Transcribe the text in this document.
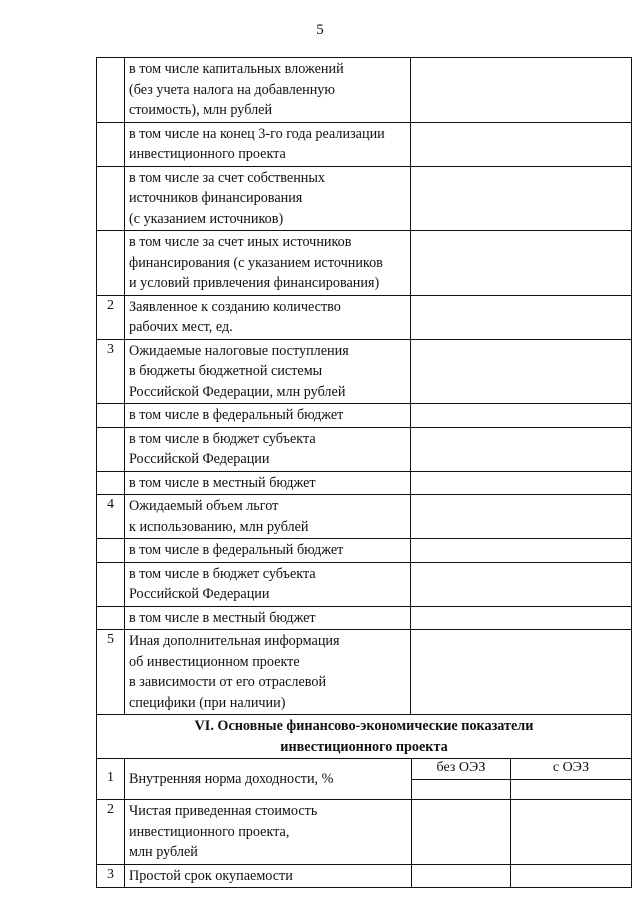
5
в том числе капитальных вложений
(без учета налога на добавленную
стоимость), млн рублей
в том числе на конец 3-го года реализации
инвестиционного проекта
в том числе за счет собственных
источников финансирования
(с указанием источников)
в том числе за счет иных источников
финансирования (с указанием источников
и условий привлечения финансирования)
2	Заявленное к созданию количество
рабочих мест, ед.
3	Ожидаемые налоговые поступления
в бюджеты бюджетной системы
Российской Федерации, млн рублей
в том числе в федеральный бюджет
в том числе в бюджет субъекта
Российской Федерации
в том числе в местный бюджет
4	Ожидаемый объем льгот
к использованию, млн рублей
в том числе в федеральный бюджет
в том числе в бюджет субъекта
Российской Федерации
в том числе в местный бюджет
5	Иная дополнительная информация
об инвестиционном проекте
в зависимости от его отраслевой
специфики (при наличии)
VI. Основные финансово-экономические показатели
инвестиционного проекта
1	Внутренняя норма доходности, %
без ОЭЗ	с ОЭЗ
2	Чистая приведенная стоимость
инвестиционного проекта,
млн рублей
3	Простой срок окупаемости
